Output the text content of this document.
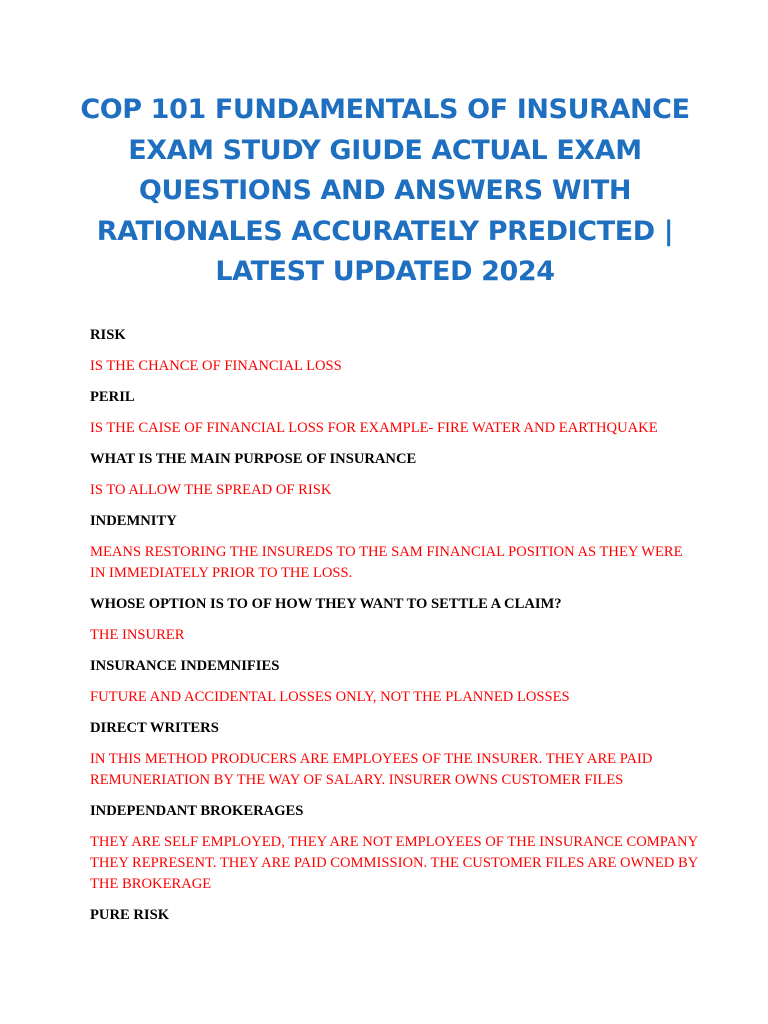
COP 101 FUNDAMENTALS OF INSURANCE EXAM STUDY GIUDE ACTUAL EXAM QUESTIONS AND ANSWERS WITH RATIONALES ACCURATELY PREDICTED | LATEST UPDATED 2024
RISK
IS THE CHANCE OF FINANCIAL LOSS
PERIL
IS THE CAISE OF FINANCIAL LOSS FOR EXAMPLE- FIRE WATER AND EARTHQUAKE
WHAT IS THE MAIN PURPOSE OF INSURANCE
IS TO ALLOW THE SPREAD OF RISK
INDEMNITY
MEANS RESTORING THE INSUREDS TO THE SAM FINANCIAL POSITION AS THEY WERE IN IMMEDIATELY PRIOR TO THE LOSS.
WHOSE OPTION IS TO OF HOW THEY WANT TO SETTLE A CLAIM?
THE INSURER
INSURANCE INDEMNIFIES
FUTURE AND ACCIDENTAL LOSSES ONLY, NOT THE PLANNED LOSSES
DIRECT WRITERS
IN THIS METHOD PRODUCERS ARE EMPLOYEES OF THE INSURER. THEY ARE PAID REMUNERIATION BY THE WAY OF SALARY. INSURER OWNS CUSTOMER FILES
INDEPENDANT BROKERAGES
THEY ARE SELF EMPLOYED, THEY ARE NOT EMPLOYEES OF THE INSURANCE COMPANY THEY REPRESENT. THEY ARE PAID COMMISSION. THE CUSTOMER FILES ARE OWNED BY THE BROKERAGE
PURE RISK
